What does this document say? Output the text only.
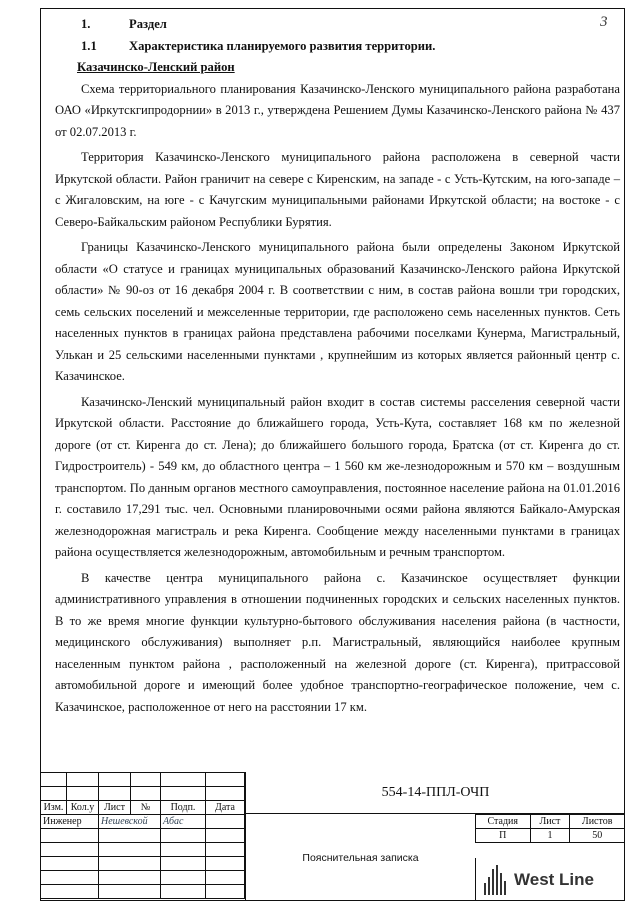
3

1.	Раздел

1.1	Характеристика планируемого развития территории.

Казачинско-Ленский район

Схема территориального планирования Казачинско-Ленского муниципального района разработана ОАО «Иркутскгипродорнии» в 2013 г., утверждена Решением Думы Казачинско-Ленского района № 437 от 02.07.2013 г.

Территория Казачинско-Ленского муниципального района расположена в северной части Иркутской области. Район граничит на севере с Киренским, на западе - с Усть-Кутским, на юго-западе – с Жигаловским, на юге - с Качугским муниципальными районами Иркутской области; на востоке - с Северо-Байкальским районом Республики Бурятия.

Границы Казачинско-Ленского муниципального района были определены Законом Иркутской области «О статусе и границах муниципальных образований Казачинско-Ленского района Иркутской области» № 90-оз от 16 декабря 2004 г. В соответствии с ним, в состав района вошли три городских, семь сельских поселений и межселенные территории, где расположено семь населенных пунктов. Сеть населенных пунктов в границах района представлена рабочими поселками Кунерма, Магистральный, Улькан и 25 сельскими населенными пунктами , крупнейшим из которых является районный центр с. Казачинское.

Казачинско-Ленский муниципальный район входит в состав системы расселения северной части Иркутской области. Расстояние до ближайшего города, Усть-Кута, составляет 168 км по железной дороге (от ст. Киренга до ст. Лена); до ближайшего большого города, Братска (от ст. Киренга до ст. Гидростроитель) - 549 км, до областного центра – 1 560 км же-лезнодорожным и 570 км – воздушным транспортом. По данным органов местного самоуправления, постоянное население района на 01.01.2016 г. составило 17,291 тыс. чел. Основными планировочными осями района являются Байкало-Амурская железнодорожная магистраль и река Киренга. Сообщение между населенными пунктами в границах района осуществляется железнодорожным, автомобильным и речным транспортом.

В качестве центра муниципального района с. Казачинское осуществляет функции административного управления в отношении подчиненных городских и сельских населенных пунктов. В то же время многие функции культурно-бытового обслуживания населения района (в частности, медицинского обслуживания) выполняет р.п. Магистральный, являющийся наиболее крупным населенным пунктом района , расположенный на железной дороге (ст. Киренга), притрассовой автомобильной дороге и имеющий более удобное транспортно-географическое положение, чем с. Казачинское, расположенное от него на расстоянии 17 км.

Изм.	Кол.у	Лист	№	Подп.	Дата
Инженер		Нешевской		Абас	

554-14-ППЛ-ОЧП
Пояснительная записка
Стадия	Лист	Листов
П	1	50
West Line
